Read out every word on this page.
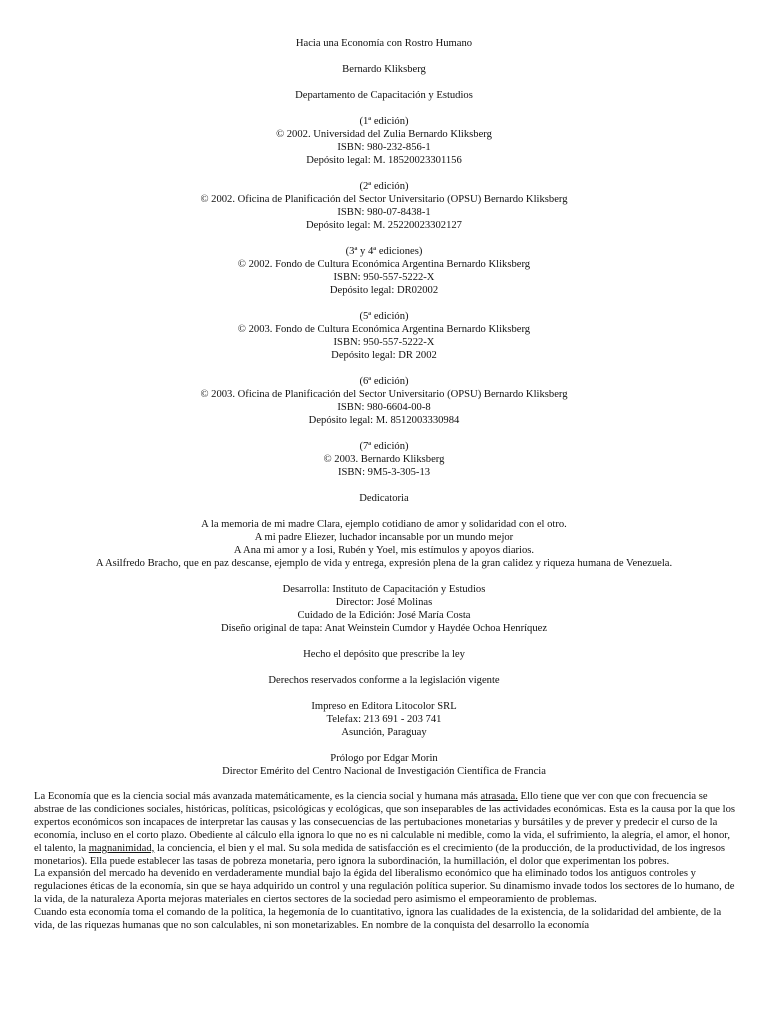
Hacia una Economía con Rostro Humano
Bernardo Kliksberg
Departamento de Capacitación y Estudios
(1ª edición)
© 2002. Universidad del Zulia Bernardo Kliksberg
ISBN: 980-232-856-1
Depósito legal: M. 18520023301156
(2ª edición)
© 2002. Oficina de Planificación del Sector Universitario (OPSU) Bernardo Kliksberg
ISBN: 980-07-8438-1
Depósito legal: M. 25220023302127
(3ª y 4ª ediciones)
© 2002. Fondo de Cultura Económica Argentina Bernardo Kliksberg
ISBN: 950-557-5222-X
Depósito legal: DR02002
(5ª edición)
© 2003. Fondo de Cultura Económica Argentina Bernardo Kliksberg
ISBN: 950-557-5222-X
Depósito legal: DR 2002
(6ª edición)
© 2003. Oficina de Planificación del Sector Universitario (OPSU) Bernardo Kliksberg
ISBN: 980-6604-00-8
Depósito legal: M. 8512003330984
(7ª edición)
© 2003. Bernardo Kliksberg
ISBN: 9M5-3-305-13
Dedicatoria
A la memoria de mi madre Clara, ejemplo cotidiano de amor y solidaridad con el otro.
A mi padre Eliezer, luchador incansable por un mundo mejor
A Ana mi amor y a Iosi, Rubén y Yoel, mis estímulos y apoyos diarios.
A Asilfredo Bracho, que en paz descanse, ejemplo de vida y entrega, expresión plena de la gran calidez y riqueza humana de Venezuela.
Desarrolla: Instituto de Capacitación y Estudios
Director: José Molinas
Cuidado de la Edición: José María Costa
Diseño original de tapa: Anat Weinstein Cumdor y Haydée Ochoa Henríquez
Hecho el depósito que prescribe la ley
Derechos reservados conforme a la legislación vigente
Impreso en Editora Litocolor SRL
Telefax: 213 691 - 203 741
Asunción, Paraguay
Prólogo por Edgar Morin
Director Emérito del Centro Nacional de Investigación Científica de Francia

La Economía que es la ciencia social más avanzada matemáticamente, es la ciencia social y humana más atrasada. Ello tiene que ver con que con frecuencia se abstrae de las condiciones sociales, históricas, políticas, psicológicas y ecológicas, que son inseparables de las actividades económicas. Esta es la causa por la que los expertos económicos son incapaces de interpretar las causas y las consecuencias de las pertubaciones monetarias y bursátiles y de prever y predecir el curso de la economía, incluso en el corto plazo. Obediente al cálculo ella ignora lo que no es ni calculable ni medible, como la vida, el sufrimiento, la alegría, el amor, el honor, el talento, la magnanimidad, la conciencia, el bien y el mal. Su sola medida de satisfacción es el crecimiento (de la producción, de la productividad, de los ingresos monetarios). Ella puede establecer las tasas de pobreza monetaria, pero ignora la subordinación, la humillación, el dolor que experimentan los pobres.

La expansión del mercado ha devenido en verdaderamente mundial bajo la égida del liberalismo económico que ha eliminado todos los antiguos controles y regulaciones éticas de la economía, sin que se haya adquirido un control y una regulación política superior. Su dinamismo invade todos los sectores de lo humano, de la vida, de la naturaleza Aporta mejoras materiales en ciertos sectores de la sociedad pero asimismo el empeoramiento de problemas.

Cuando esta economía toma el comando de la política, la hegemonía de lo cuantitativo, ignora las cualidades de la existencia, de la solidaridad del ambiente, de la vida, de las riquezas humanas que no son calculables, ni son monetarizables. En nombre de la conquista del desarrollo la economía
